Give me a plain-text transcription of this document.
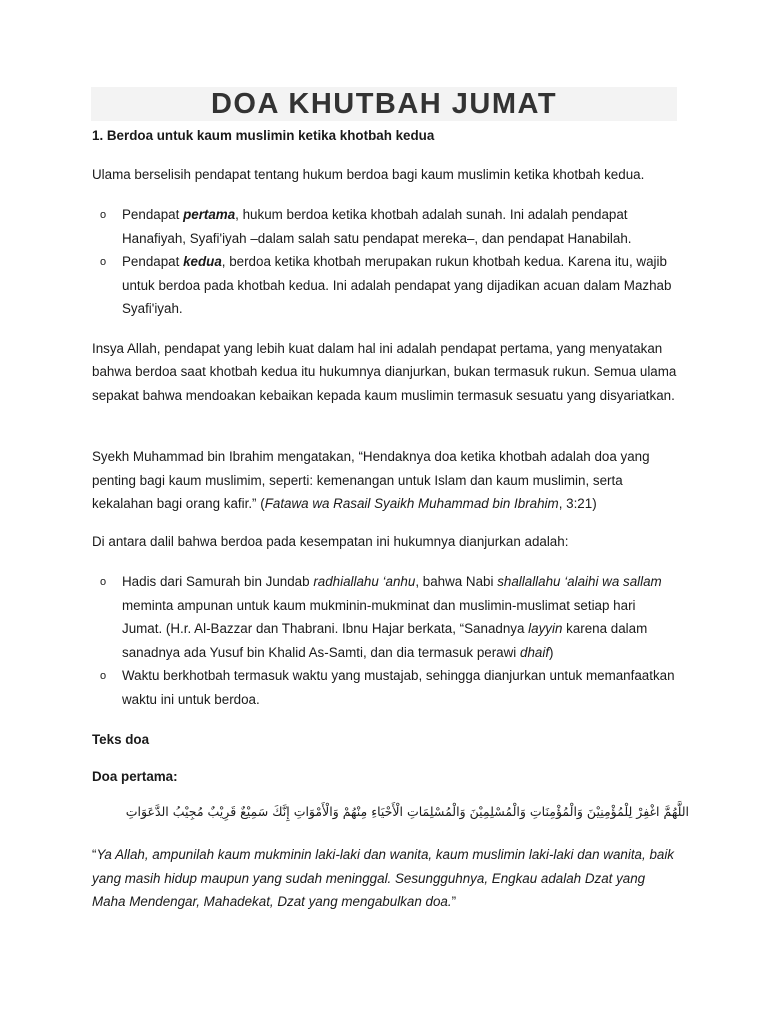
DOA KHUTBAH JUMAT

1. Berdoa untuk kaum muslimin ketika khotbah kedua

Ulama berselisih pendapat tentang hukum berdoa bagi kaum muslimin ketika khotbah kedua.

o Pendapat pertama, hukum berdoa ketika khotbah adalah sunah. Ini adalah pendapat Hanafiyah, Syafi'iyah –dalam salah satu pendapat mereka–, dan pendapat Hanabilah.

o Pendapat kedua, berdoa ketika khotbah merupakan rukun khotbah kedua. Karena itu, wajib untuk berdoa pada khotbah kedua. Ini adalah pendapat yang dijadikan acuan dalam Mazhab Syafi'iyah.

Insya Allah, pendapat yang lebih kuat dalam hal ini adalah pendapat pertama, yang menyatakan bahwa berdoa saat khotbah kedua itu hukumnya dianjurkan, bukan termasuk rukun. Semua ulama sepakat bahwa mendoakan kebaikan kepada kaum muslimin termasuk sesuatu yang disyariatkan.

Syekh Muhammad bin Ibrahim mengatakan, “Hendaknya doa ketika khotbah adalah doa yang penting bagi kaum muslimim, seperti: kemenangan untuk Islam dan kaum muslimin, serta kekalahan bagi orang kafir.” (Fatawa wa Rasail Syaikh Muhammad bin Ibrahim, 3:21)

Di antara dalil bahwa berdoa pada kesempatan ini hukumnya dianjurkan adalah:

o Hadis dari Samurah bin Jundab radhiallahu ‘anhu, bahwa Nabi shallallahu ‘alaihi wa sallam meminta ampunan untuk kaum mukminin-mukminat dan muslimin-muslimat setiap hari Jumat. (H.r. Al-Bazzar dan Thabrani. Ibnu Hajar berkata, “Sanadnya layyin karena dalam sanadnya ada Yusuf bin Khalid As-Samti, dan dia termasuk perawi dhaif)

o Waktu berkhotbah termasuk waktu yang mustajab, sehingga dianjurkan untuk memanfaatkan waktu ini untuk berdoa.

Teks doa

Doa pertama:

اللَّهُمَّ اغْفِرْ لِلْمُؤْمِنِيْنَ وَالْمُؤْمِنَاتِ وَالْمُسْلِمِيْنَ وَالْمُسْلِمَاتِ الْأَحْيَاءِ مِنْهُمْ وَالْأَمْوَاتِ إِنَّكَ سَمِيْعٌ قَرِيْبٌ مُجِيْبُ الدَّعَوَاتِ

“Ya Allah, ampunilah kaum mukminin laki-laki dan wanita, kaum muslimin laki-laki dan wanita, baik yang masih hidup maupun yang sudah meninggal. Sesungguhnya, Engkau adalah Dzat yang Maha Mendengar, Mahadekat, Dzat yang mengabulkan doa.”
